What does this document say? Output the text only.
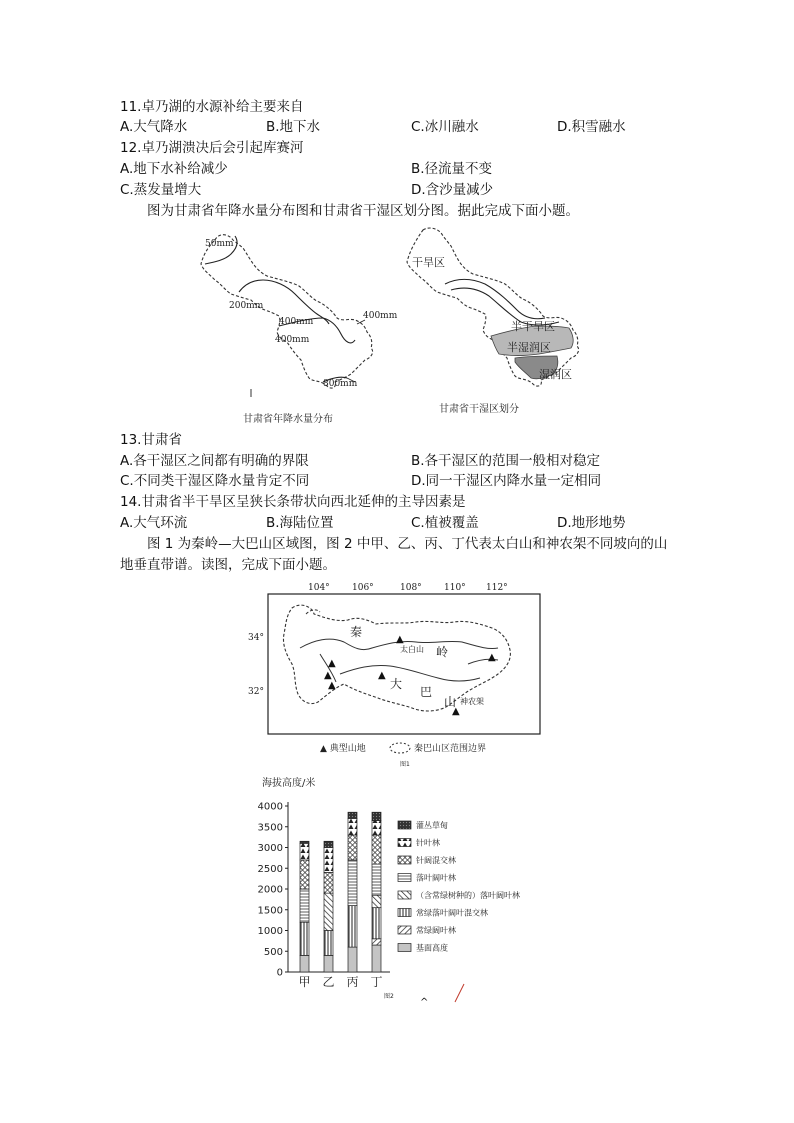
11.卓乃湖的水源补给主要来自
A.大气降水	B.地下水	C.冰川融水	D.积雪融水
12.卓乃湖溃决后会引起库赛河
A.地下水补给减少	B.径流量不变
C.蒸发量增大	D.含沙量减少
图为甘肃省年降水量分布图和甘肃省干湿区划分图。据此完成下面小题。
50mm
200mm
400mm
400mm
400mm
800mm
甘肃省年降水量分布
干旱区
半干旱区
半湿润区
湿润区
甘肃省干湿区划分
13.甘肃省
A.各干湿区之间都有明确的界限	B.各干湿区的范围一般相对稳定
C.不同类干湿区降水量肯定不同	D.同一干湿区内降水量一定相同
14.甘肃省半干旱区呈狭长条带状向西北延伸的主导因素是
A.大气环流	B.海陆位置	C.植被覆盖	D.地形地势
图 1 为秦岭—大巴山区域图，图 2 中甲、乙、丙、丁代表太白山和神农架不同坡向的山
地垂直带谱。读图，完成下面小题。
104° 106°	108° 110° 112°
34°
32°
▲
▲
▲
▲
▲
▲
▲
秦
岭
大
巴
山
太白山
神农架
▲ 典型山地	秦巴山区范围边界
图1
海拔高度/米
0
500
1000
1500
2000
2500
3000
3500
4000
甲 乙 丙 丁
灌丛草甸
针叶林
针阔混交林
落叶阔叶林
（含常绿树种的）落叶阔叶林
常绿落叶阔叶混交林
常绿阔叶林
基面高度
图2
^
